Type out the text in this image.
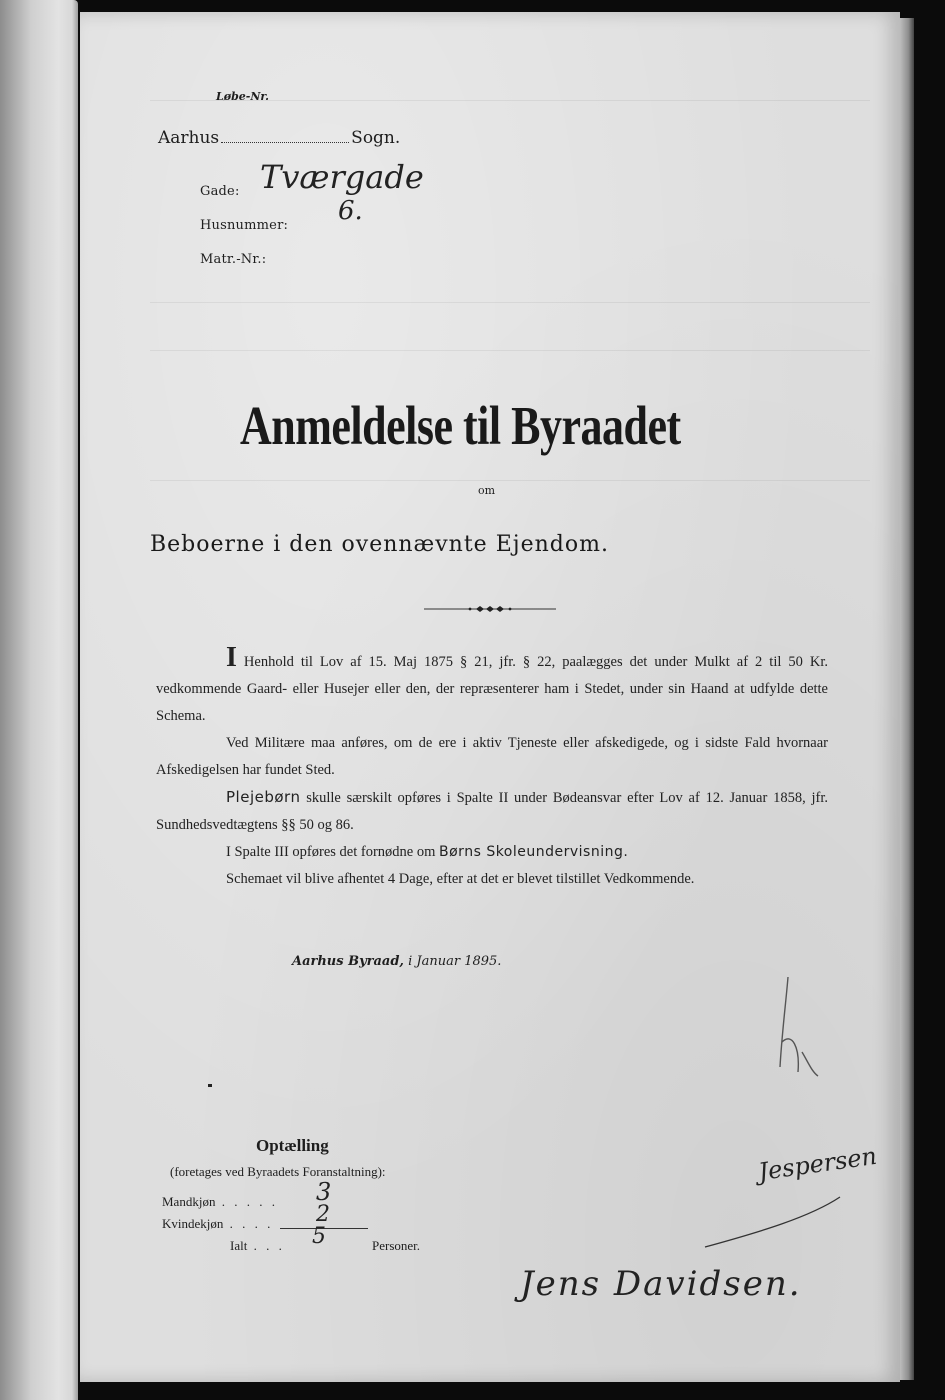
Løbe-Nr.
Aarhus	Sogn.
Gade: Tværgade
Husnummer: 6.
Matr.-Nr.:
Anmeldelse til Byraadet
om
Beboerne i den ovennævnte Ejendom.

I Henhold til Lov af 15. Maj 1875 § 21, jfr. § 22, paalægges det under Mulkt af 2 til 50 Kr. vedkommende Gaard- eller Husejer eller den, der repræsenterer ham i Stedet, under sin Haand at udfylde dette Schema.

Ved Militære maa anføres, om de ere i aktiv Tjeneste eller afskedigede, og i sidste Fald hvornaar Afskedigelsen har fundet Sted.

Plejebørn skulle særskilt opføres i Spalte II under Bødeansvar efter Lov af 12. Januar 1858, jfr. Sundhedsvedtægtens §§ 50 og 86.

I Spalte III opføres det fornødne om Børns Skoleundervisning.

Schemaet vil blive afhentet 4 Dage, efter at det er blevet tilstillet Vedkommende.

Aarhus Byraad, i Januar 1895.
Optælling
(foretages ved Byraadets Foranstaltning):
Mandkjøn . . . . . 3
Kvindekjøn . . . . 2
Ialt . . . 5	Personer.
Jespersen
Jens Davidsen.
